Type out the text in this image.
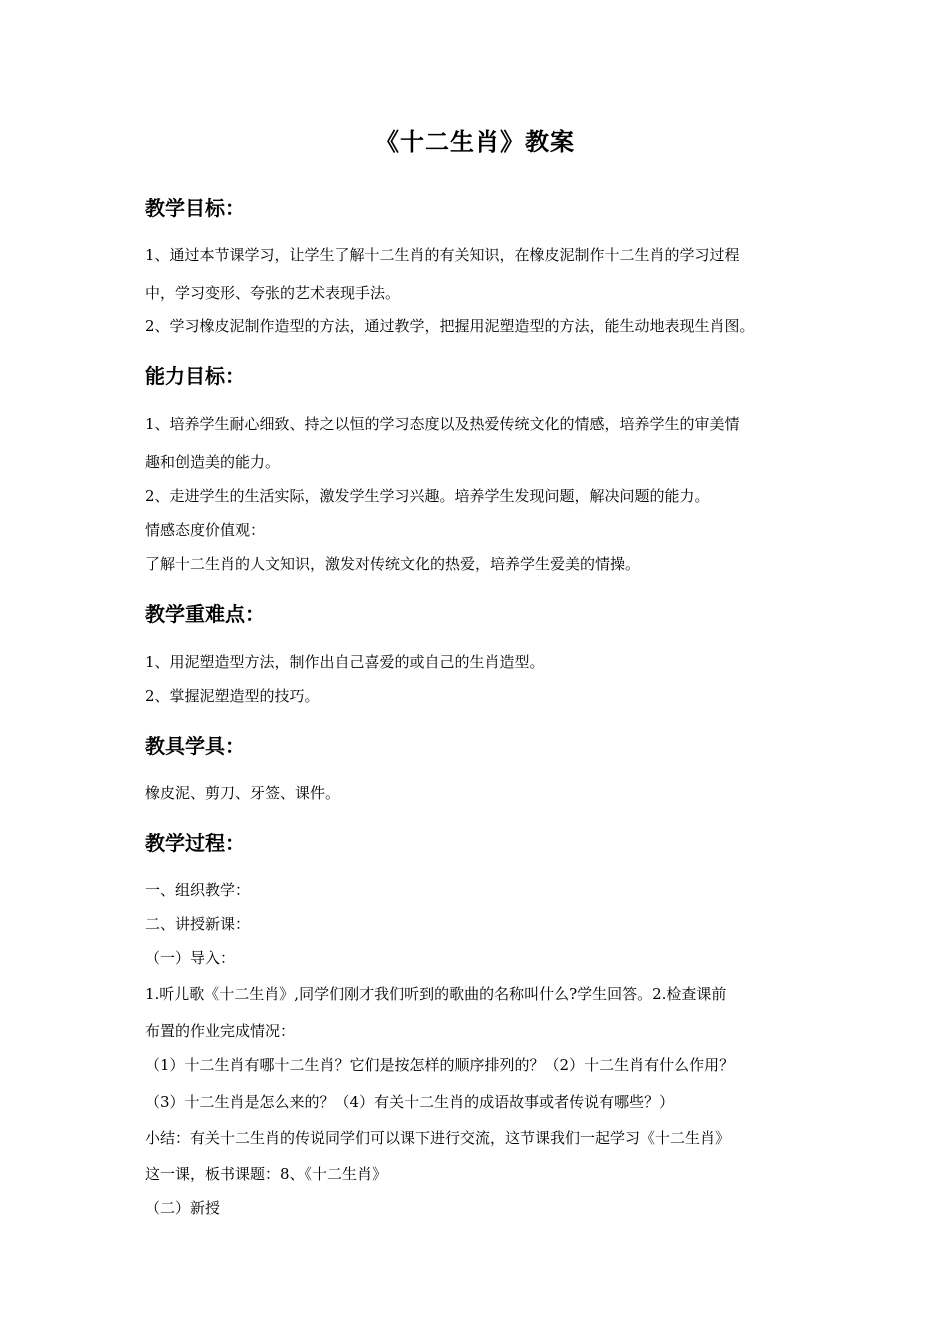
《十二生肖》教案
教学目标：
1、通过本节课学习，让学生了解十二生肖的有关知识，在橡皮泥制作十二生肖的学习过程
中，学习变形、夸张的艺术表现手法。
2、学习橡皮泥制作造型的方法，通过教学，把握用泥塑造型的方法，能生动地表现生肖图。
能力目标：
1、培养学生耐心细致、持之以恒的学习态度以及热爱传统文化的情感，培养学生的审美情
趣和创造美的能力。
2、走进学生的生活实际，激发学生学习兴趣。培养学生发现问题，解决问题的能力。
情感态度价值观：
了解十二生肖的人文知识，激发对传统文化的热爱，培养学生爱美的情操。
教学重难点：
1、用泥塑造型方法，制作出自己喜爱的或自己的生肖造型。
2、掌握泥塑造型的技巧。
教具学具：
橡皮泥、剪刀、牙签、课件。
教学过程：
一、组织教学：
二、讲授新课：
（一）导入：
1.听儿歌《十二生肖》,同学们刚才我们听到的歌曲的名称叫什么?学生回答。2.检查课前
布置的作业完成情况：
（1）十二生肖有哪十二生肖？它们是按怎样的顺序排列的？（2）十二生肖有什么作用？
（3）十二生肖是怎么来的？（4）有关十二生肖的成语故事或者传说有哪些？）
小结：有关十二生肖的传说同学们可以课下进行交流，这节课我们一起学习《十二生肖》
这一课，板书课题：8、《十二生肖》
（二）新授
